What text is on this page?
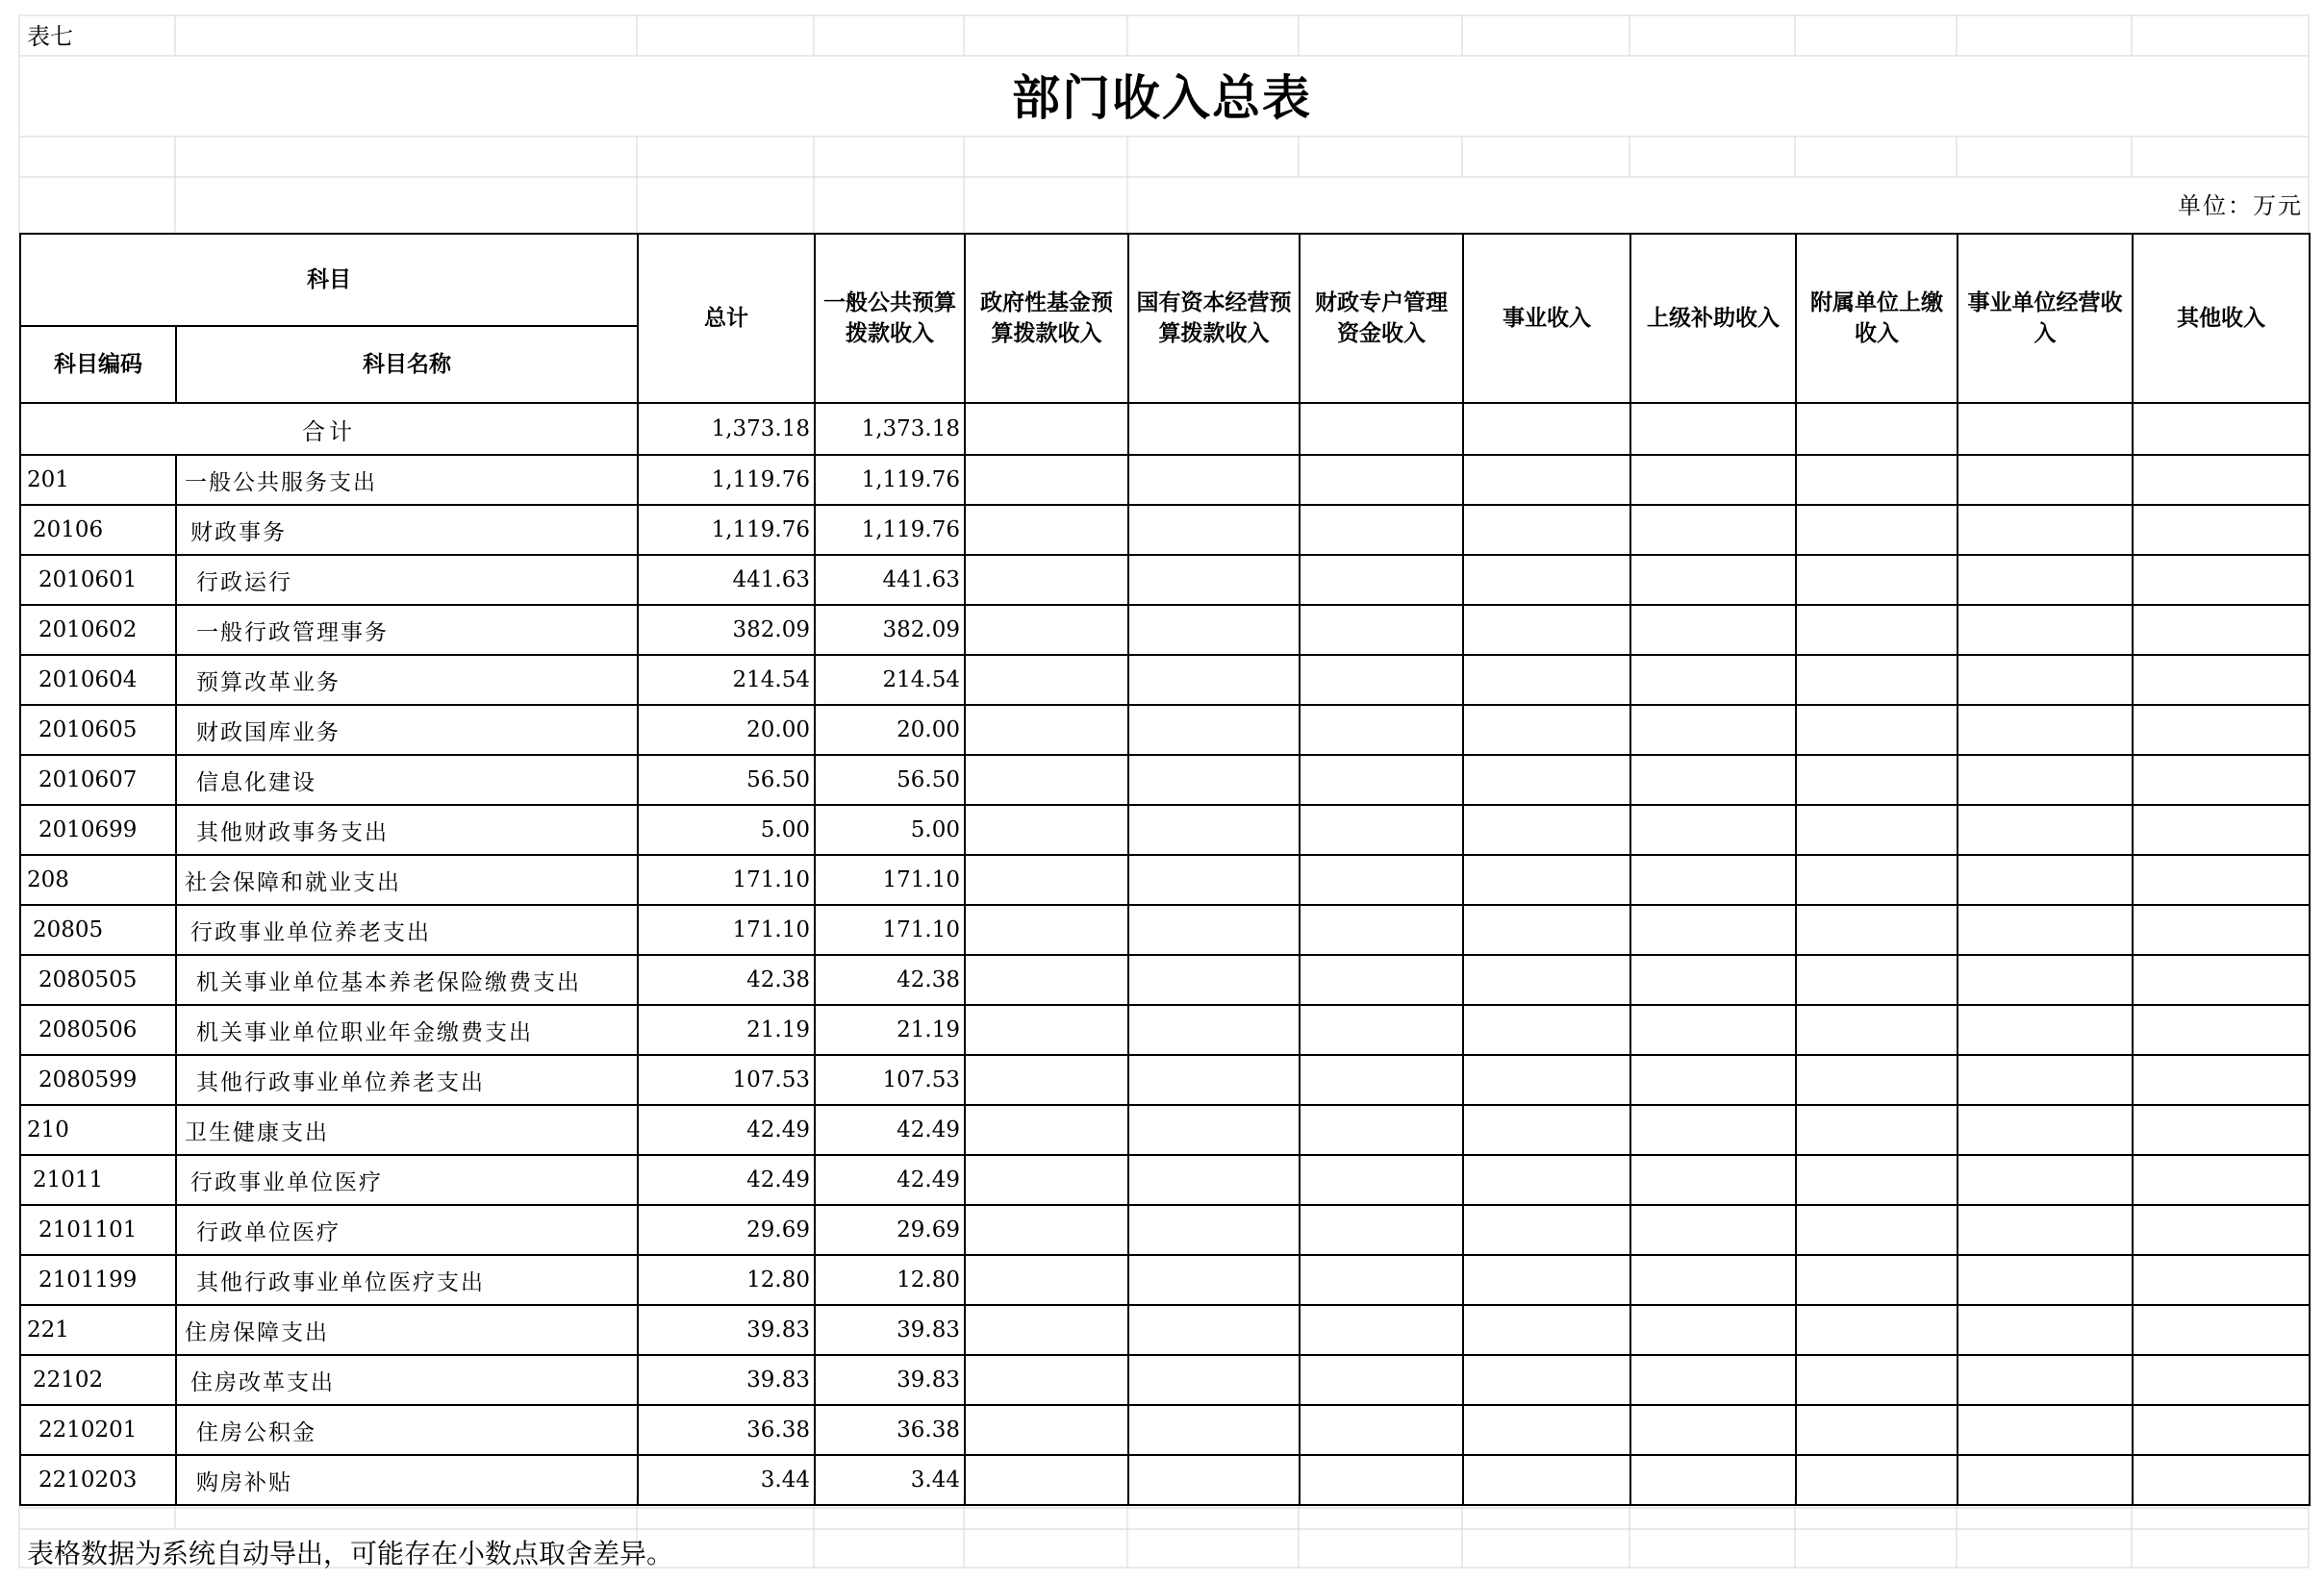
表七
部门收入总表
单位：万元
科目		总计	一般公共预算拨款收入	政府性基金预算拨款收入	国有资本经营预算拨款收入	财政专户管理资金收入	事业收入	上级补助收入	附属单位上缴收入	事业单位经营收入	其他收入

科目编码	科目名称										
合计		1,373.18	1,373.18								
201	一般公共服务支出	1,119.76	1,119.76								
20106	财政事务	1,119.76	1,119.76								
2010601	行政运行	441.63	441.63								
2010602	一般行政管理事务	382.09	382.09								
2010604	预算改革业务	214.54	214.54								
2010605	财政国库业务	20.00	20.00								
2010607	信息化建设	56.50	56.50								
2010699	其他财政事务支出	5.00	5.00								
208	社会保障和就业支出	171.10	171.10								
20805	行政事业单位养老支出	171.10	171.10								
2080505	机关事业单位基本养老保险缴费支出	42.38	42.38								
2080506	机关事业单位职业年金缴费支出	21.19	21.19								
2080599	其他行政事业单位养老支出	107.53	107.53								
210	卫生健康支出	42.49	42.49								
21011	行政事业单位医疗	42.49	42.49								
2101101	行政单位医疗	29.69	29.69								
2101199	其他行政事业单位医疗支出	12.80	12.80								
221	住房保障支出	39.83	39.83								
22102	住房改革支出	39.83	39.83								
2210201	住房公积金	36.38	36.38								
2210203	购房补贴	3.44	3.44								
表格数据为系统自动导出，可能存在小数点取舍差异。
